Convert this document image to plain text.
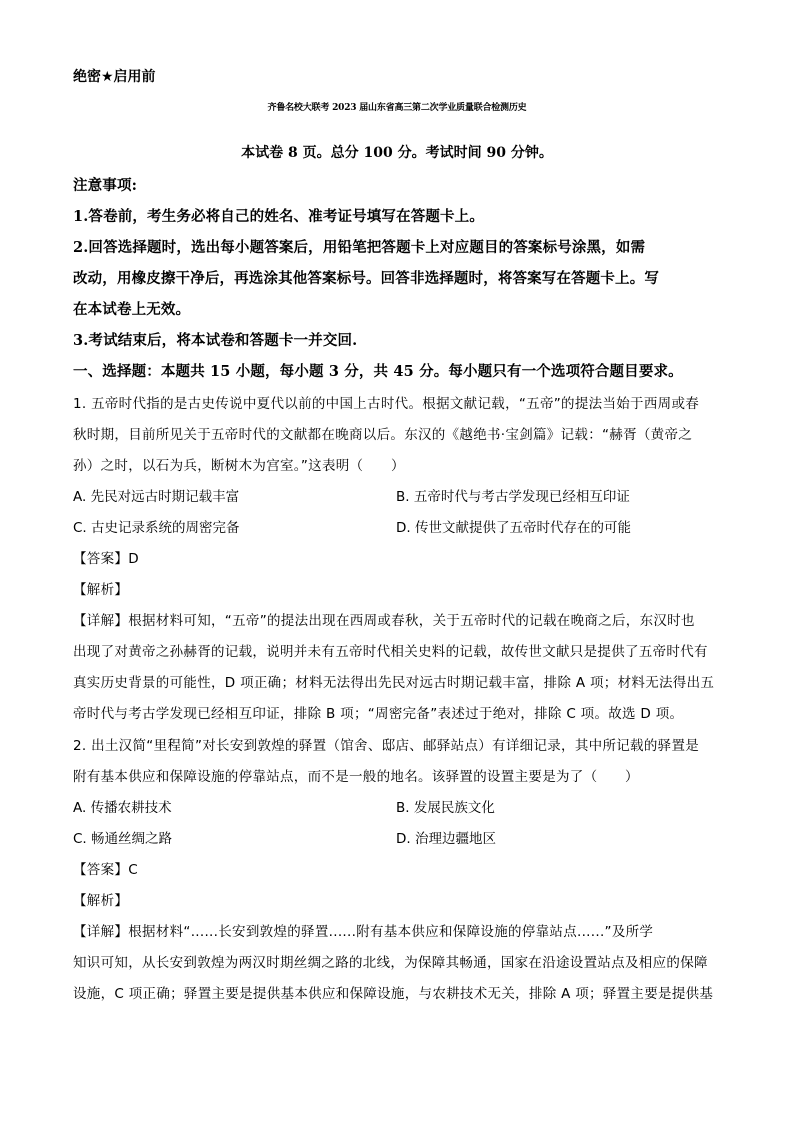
绝密★启用前
齐鲁名校大联考 2023 届山东省高三第二次学业质量联合检测历史
本试卷 8 页。总分 100 分。考试时间 90 分钟。
注意事项:
1.答卷前，考生务必将自己的姓名、准考证号填写在答题卡上。
2.回答选择题时，选出每小题答案后，用铅笔把答题卡上对应题目的答案标号涂黑，如需
改动，用橡皮擦干净后，再选涂其他答案标号。回答非选择题时，将答案写在答题卡上。写
在本试卷上无效。
3.考试结束后，将本试卷和答题卡一并交回.
一、选择题：本题共 15 小题，每小题 3 分，共 45 分。每小题只有一个选项符合题目要求。
1. 五帝时代指的是古史传说中夏代以前的中国上古时代。根据文献记载，“五帝”的提法当始于西周或春
秋时期，目前所见关于五帝时代的文献都在晚商以后。东汉的《越绝书·宝剑篇》记载：“赫胥（黄帝之
孙）之时，以石为兵，断树木为宫室。”这表明（　　）
A. 先民对远古时期记载丰富	B. 五帝时代与考古学发现已经相互印证
C. 古史记录系统的周密完备	D. 传世文献提供了五帝时代存在的可能
【答案】D
【解析】
【详解】根据材料可知，“五帝”的提法出现在西周或春秋，关于五帝时代的记载在晚商之后，东汉时也
出现了对黄帝之孙赫胥的记载，说明并未有五帝时代相关史料的记载，故传世文献只是提供了五帝时代有
真实历史背景的可能性，D 项正确；材料无法得出先民对远古时期记载丰富，排除 A 项；材料无法得出五
帝时代与考古学发现已经相互印证，排除 B 项；“周密完备”表述过于绝对，排除 C 项。故选 D 项。
2. 出土汉简“里程简”对长安到敦煌的驿置（馆舍、邸店、邮驿站点）有详细记录，其中所记载的驿置是
附有基本供应和保障设施的停靠站点，而不是一般的地名。该驿置的设置主要是为了（　　）
A. 传播农耕技术	B. 发展民族文化
C. 畅通丝绸之路	D. 治理边疆地区
【答案】C
【解析】
【详解】根据材料“......长安到敦煌的驿置......附有基本供应和保障设施的停靠站点......”及所学
知识可知，从长安到敦煌为两汉时期丝绸之路的北线，为保障其畅通，国家在沿途设置站点及相应的保障
设施，C 项正确；驿置主要是提供基本供应和保障设施，与农耕技术无关，排除 A 项；驿置主要是提供基
